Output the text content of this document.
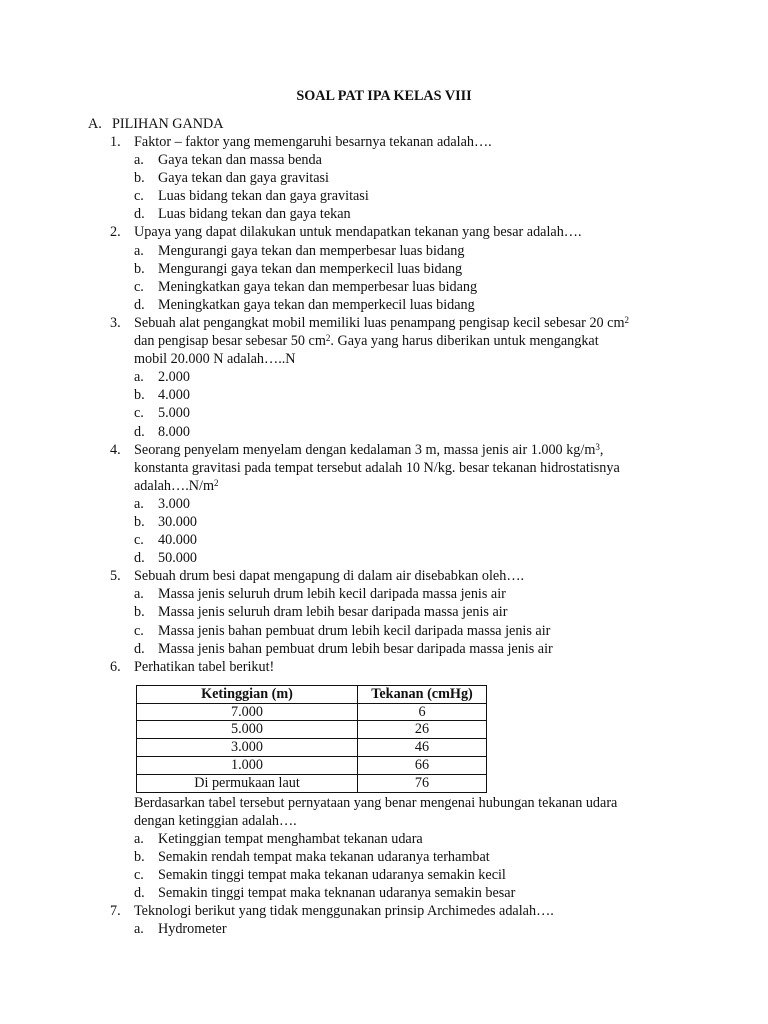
SOAL PAT IPA KELAS VIII
A. PILIHAN GANDA
1. Faktor – faktor yang memengaruhi besarnya tekanan adalah….
a. Gaya tekan dan massa benda
b. Gaya tekan dan gaya gravitasi
c. Luas bidang tekan dan gaya gravitasi
d. Luas bidang tekan dan gaya tekan
2. Upaya yang dapat dilakukan untuk mendapatkan tekanan yang besar adalah….
a. Mengurangi gaya tekan dan memperbesar luas bidang
b. Mengurangi gaya tekan dan memperkecil luas bidang
c. Meningkatkan gaya tekan dan memperbesar luas bidang
d. Meningkatkan gaya tekan dan memperkecil luas bidang
3. Sebuah alat pengangkat mobil memiliki luas penampang pengisap kecil sebesar 20 $cm^2$
dan pengisap besar sebesar 50 $cm^2$. Gaya yang harus diberikan untuk mengangkat
mobil 20.000 N adalah…..N
a. 2.000
b. 4.000
c. 5.000
d. 8.000
4. Seorang penyelam menyelam dengan kedalaman 3 m, massa jenis air 1.000 $kg/m^3$,
konstanta gravitasi pada tempat tersebut adalah 10 N/kg. besar tekanan hidrostatisnya
$adalah\dots.N/m^2$
a. 3.000
b. 30.000
c. 40.000
d. 50.000
5. Sebuah drum besi dapat mengapung di dalam air disebabkan oleh….
a. Massa jenis seluruh drum lebih kecil daripada massa jenis air
b. Massa jenis seluruh dram lebih besar daripada massa jenis air
c. Massa jenis bahan pembuat drum lebih kecil daripada massa jenis air
d. Massa jenis bahan pembuat drum lebih besar daripada massa jenis air
6. Perhatikan tabel berikut!
Ketinggian (m)	Tekanan (cmHg)
7.000	6
5.000	26
3.000	46
1.000	66
Di permukaan laut	76
Berdasarkan tabel tersebut pernyataan yang benar mengenai hubungan tekanan udara
dengan ketinggian adalah….
a. Ketinggian tempat menghambat tekanan udara
b. Semakin rendah tempat maka tekanan udaranya terhambat
c. Semakin tinggi tempat maka tekanan udaranya semakin kecil
d. Semakin tinggi tempat maka teknanan udaranya semakin besar
7. Teknologi berikut yang tidak menggunakan prinsip Archimedes adalah….
a. Hydrometer
